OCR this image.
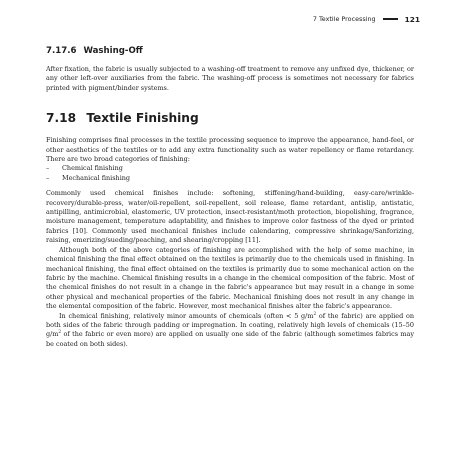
7 Textile Processing	121
7.17.6 Washing-Off

After fixation, the fabric is usually subjected to a washing-off treatment to remove any unfixed dye, thickener, or any other left-over auxiliaries from the fabric. The washing-off process is sometimes not necessary for fabrics printed with pigment/binder systems.

7.18 Textile Finishing

Finishing comprises final processes in the textile processing sequence to improve the appearance, hand-feel, or other aesthetics of the textiles or to add any extra functionality such as water repellency or flame retardancy. There are two broad categories of finishing:

–	Chemical finishing
–	Mechanical finishing

Commonly used chemical finishes include: softening, stiffening/hand-building, easy-care/wrinkle-recovery/durable-press, water/oil-repellent, soil-repellent, soil release, flame retardant, antislip, antistatic, antipilling, antimicrobial, elastomeric, UV protection, insect-resistant/moth protection, biopolishing, fragrance, moisture management, temperature adaptability, and finishes to improve color fastness of the dyed or printed fabrics [10]. Commonly used mechanical finishes include calendaring, compressive shrinkage/Sanforizing, raising, emerizing/sueding/peaching, and shearing/cropping [11].

Although both of the above categories of finishing are accomplished with the help of some machine, in chemical finishing the final effect obtained on the textiles is primarily due to the chemicals used in finishing. In mechanical finishing, the final effect obtained on the textiles is primarily due to some mechanical action on the fabric by the machine. Chemical finishing results in a change in the chemical composition of the fabric. Most of the chemical finishes do not result in a change in the fabric's appearance but may result in a change in some other physical and mechanical properties of the fabric. Mechanical finishing does not result in any change in the elemental composition of the fabric. However, most mechanical finishes alter the fabric's appearance.

In chemical finishing, relatively minor amounts of chemicals (often < 5 $g/m^2$ of the fabric) are applied on both sides of the fabric through padding or impregnation. In coating, relatively high levels of chemicals (15–50 $g/m^2$ of the fabric or even more) are applied on usually one side of the fabric (although sometimes fabrics may be coated on both sides).
